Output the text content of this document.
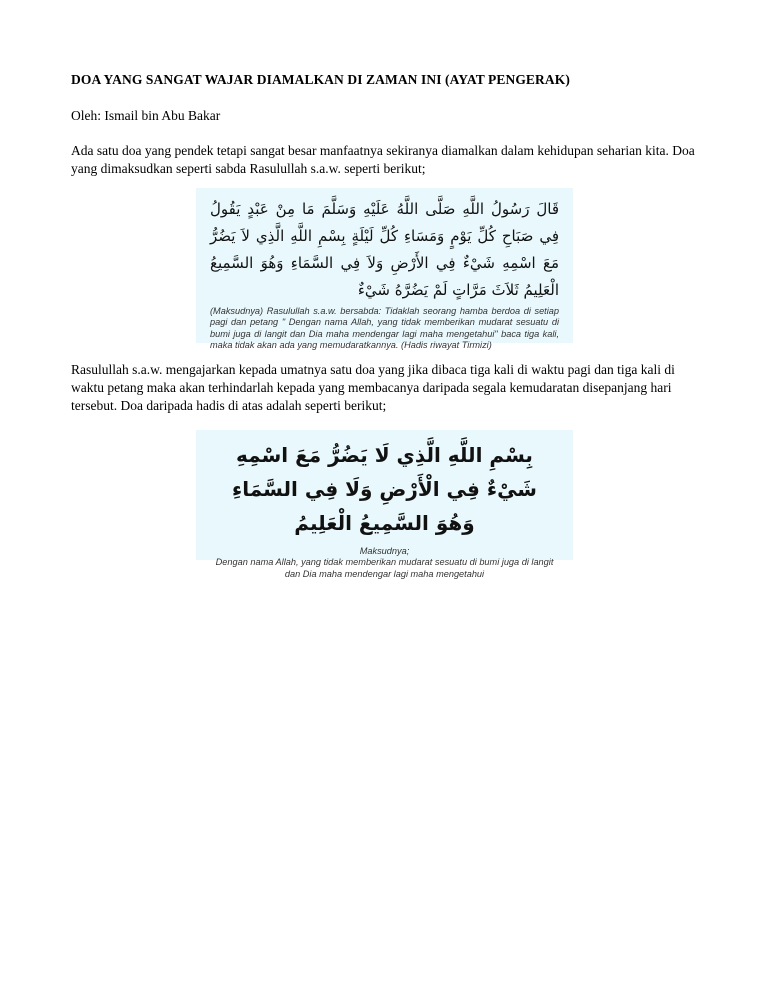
DOA YANG SANGAT WAJAR DIAMALKAN DI ZAMAN INI (AYAT PENGERAK)
Oleh: Ismail bin Abu Bakar
Ada satu doa yang pendek tetapi sangat besar manfaatnya sekiranya diamalkan dalam kehidupan seharian kita. Doa yang dimaksudkan seperti sabda Rasulullah s.a.w. seperti berikut;
قَالَ رَسُولُ اللَّهِ صَلَّى اللَّهُ عَلَيْهِ وَسَلَّمَ مَا مِنْ عَبْدٍ يَقُولُ فِي صَبَاحِ كُلِّ يَوْمٍ وَمَسَاءِ كُلِّ لَيْلَةٍ بِسْمِ اللَّهِ الَّذِي لاَ يَضُرُّ مَعَ اسْمِهِ شَيْءٌ فِي الأَرْضِ وَلاَ فِي السَّمَاءِ وَهُوَ السَّمِيعُ الْعَلِيمُ ثَلاَثَ مَرَّاتٍ لَمْ يَضُرَّهُ شَيْءٌ
(Maksudnya) Rasulullah s.a.w. bersabda: Tidaklah seorang hamba berdoa di setiap pagi dan petang " Dengan nama Allah, yang tidak memberikan mudarat sesuatu di bumi juga di langit dan Dia maha mendengar lagi maha mengetahui" baca tiga kali, maka tidak akan ada yang memudaratkannya. (Hadis riwayat Tirmizi)
Rasulullah s.a.w. mengajarkan kepada umatnya satu doa yang jika dibaca tiga kali di waktu pagi dan tiga kali di waktu petang maka akan terhindarlah kepada yang membacanya daripada segala kemudaratan disepanjang hari tersebut. Doa daripada hadis di atas adalah seperti berikut;
بِسْمِ اللَّهِ الَّذِي لَا يَضُرُّ مَعَ اسْمِهِ شَيْءٌ فِي الْأَرْضِ وَلَا فِي السَّمَاءِ وَهُوَ السَّمِيعُ الْعَلِيمُ
Maksudnya;
Dengan nama Allah, yang tidak memberikan mudarat sesuatu di bumi juga di langit dan Dia maha mendengar lagi maha mengetahui
